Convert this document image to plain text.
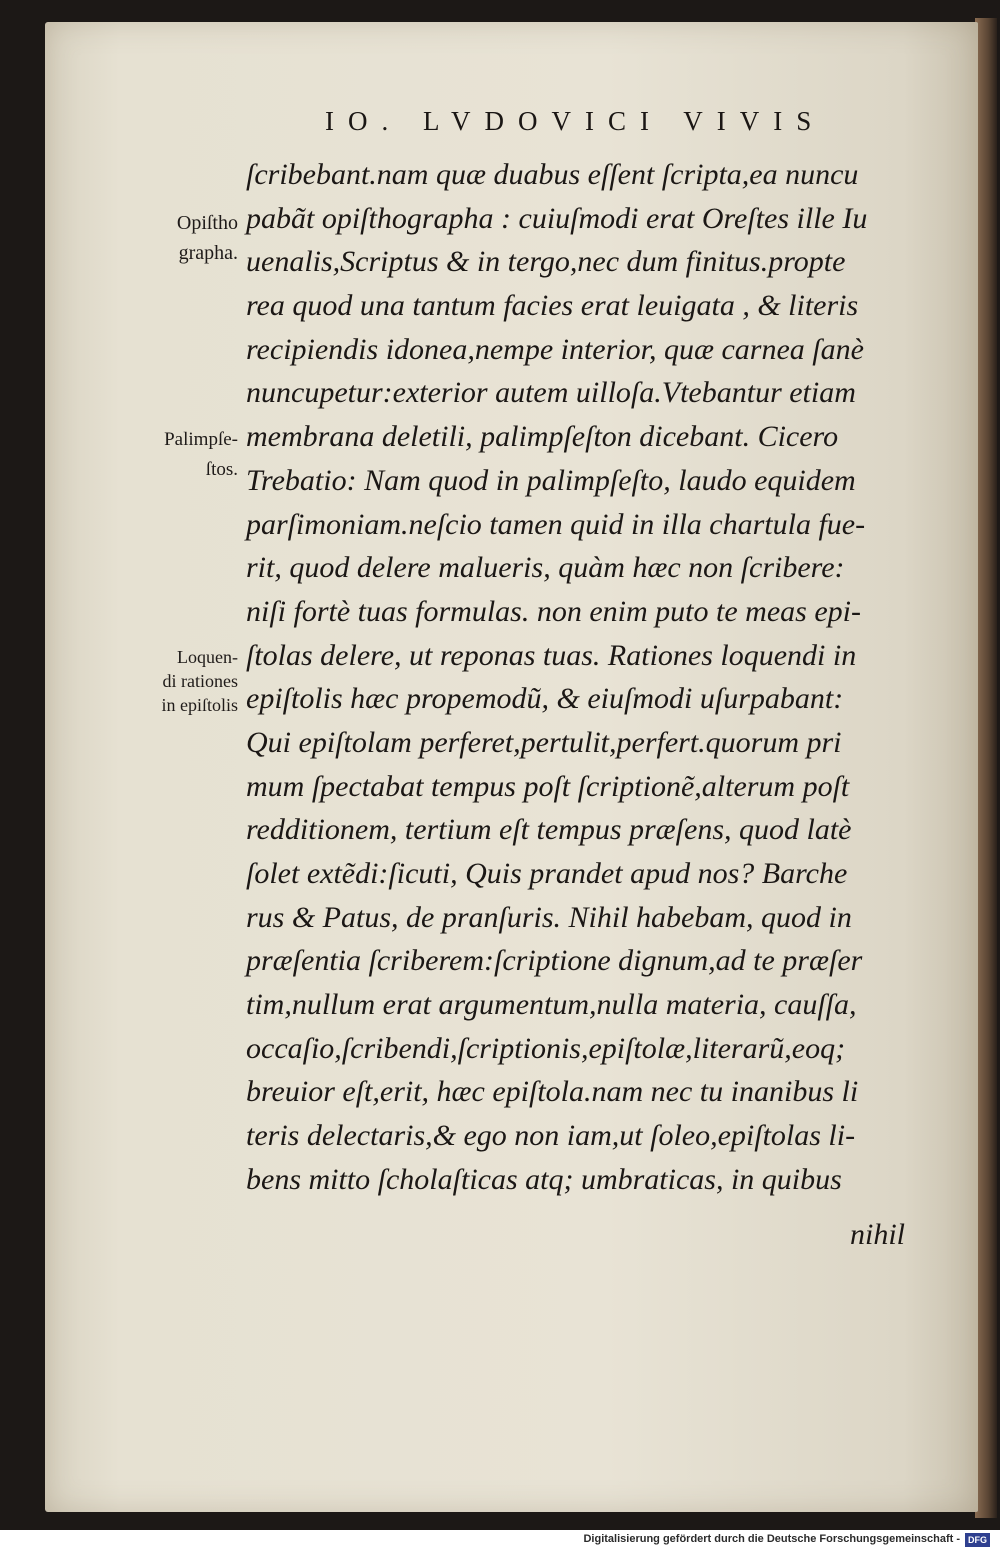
IO. LVDOVICI VIVIS
ſcribebant.nam quæ duabus eſſent ſcripta,ea nuncu
pabãt opiſthographa : cuiuſmodi erat Oreſtes ille Iu
uenalis,Scriptus & in tergo,nec dum finitus.propte
rea quod una tantum facies erat leuigata , & literis
recipiendis idonea,nempe interior, quæ carnea ſanè
nuncupetur:exterior autem uilloſa.Vtebantur etiam
membrana deletili, palimpſeſton dicebant. Cicero
Trebatio: Nam quod in palimpſeſto, laudo equidem
parſimoniam.neſcio tamen quid in illa chartula fue-
rit, quod delere malueris, quàm hæc non ſcribere:
niſi fortè tuas formulas. non enim puto te meas epi-
ſtolas delere, ut reponas tuas. Rationes loquendi in
epiſtolis hæc propemodũ, & eiuſmodi uſurpabant:
Qui epiſtolam perferet,pertulit,perfert.quorum pri
mum ſpectabat tempus poſt ſcriptionẽ,alterum poſt
redditionem, tertium eſt tempus præſens, quod latè
ſolet extẽdi:ſicuti, Quis prandet apud nos? Barche
rus & Patus, de pranſuris. Nihil habebam, quod in
præſentia ſcriberem:ſcriptione dignum,ad te præſer
tim,nullum erat argumentum,nulla materia, cauſſa,
occaſio,ſcribendi,ſcriptionis,epiſtolæ,literarũ,eoq;
breuior eſt,erit, hæc epiſtola.nam nec tu inanibus li
teris delectaris,& ego non iam,ut ſoleo,epiſtolas li-
bens mitto ſcholaſticas atq; umbraticas, in quibus
nihil
Opiſtho
grapha.
Palimpſe-
ſtos.
Loquen-
di rationes
in epiſtolis
Digitalisierung gefördert durch die Deutsche Forschungsgemeinschaft - DFG
